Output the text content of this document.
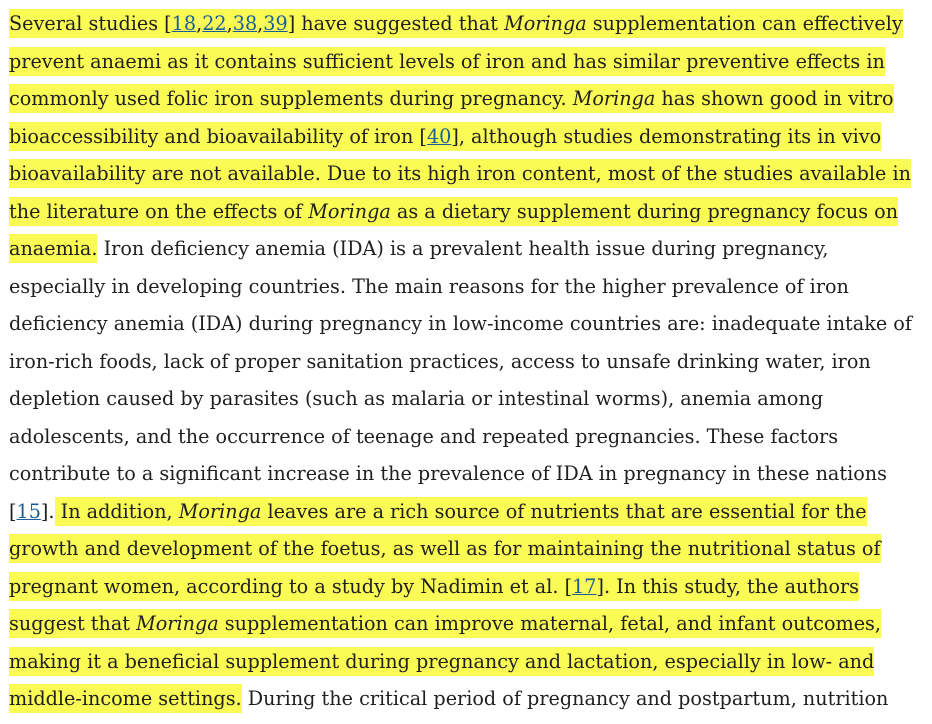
Several studies [18,22,38,39] have suggested that Moringa supplementation can effectively
prevent anaemi as it contains sufficient levels of iron and has similar preventive effects in
commonly used folic iron supplements during pregnancy. Moringa has shown good in vitro
bioaccessibility and bioavailability of iron [40], although studies demonstrating its in vivo
bioavailability are not available. Due to its high iron content, most of the studies available in
the literature on the effects of Moringa as a dietary supplement during pregnancy focus on
anaemia. Iron deficiency anemia (IDA) is a prevalent health issue during pregnancy,
especially in developing countries. The main reasons for the higher prevalence of iron
deficiency anemia (IDA) during pregnancy in low-income countries are: inadequate intake of
iron-rich foods, lack of proper sanitation practices, access to unsafe drinking water, iron
depletion caused by parasites (such as malaria or intestinal worms), anemia among
adolescents, and the occurrence of teenage and repeated pregnancies. These factors
contribute to a significant increase in the prevalence of IDA in pregnancy in these nations
[15]. In addition, Moringa leaves are a rich source of nutrients that are essential for the
growth and development of the foetus, as well as for maintaining the nutritional status of
pregnant women, according to a study by Nadimin et al. [17]. In this study, the authors
suggest that Moringa supplementation can improve maternal, fetal, and infant outcomes,
making it a beneficial supplement during pregnancy and lactation, especially in low- and
middle-income settings. During the critical period of pregnancy and postpartum, nutrition
